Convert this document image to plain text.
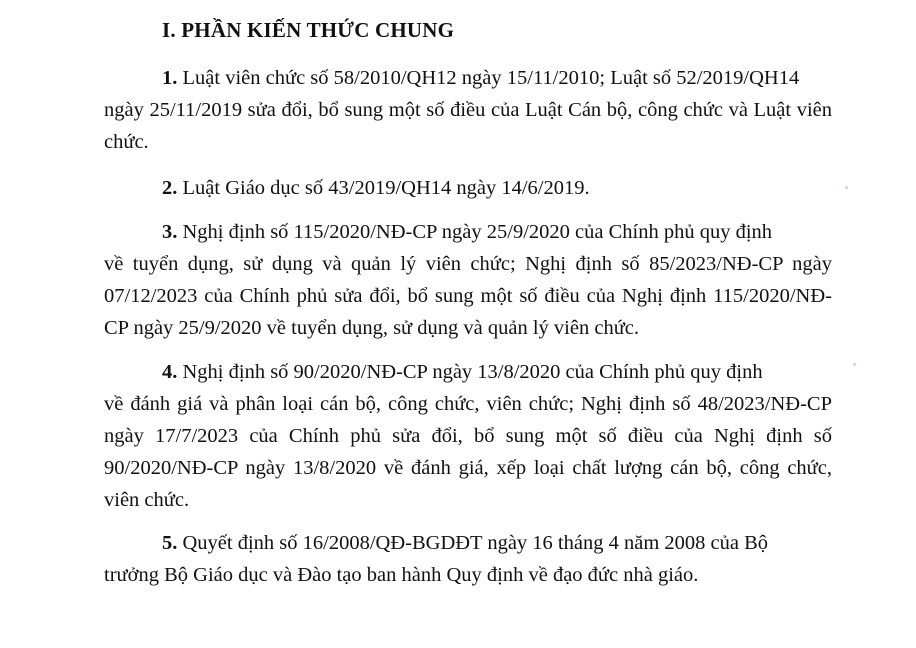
I. PHẦN KIẾN THỨC CHUNG
1. Luật viên chức số 58/2010/QH12 ngày 15/11/2010; Luật số 52/2019/QH14
ngày 25/11/2019 sửa đổi, bổ sung một số điều của Luật Cán bộ, công chức và Luật viên chức.
2. Luật Giáo dục số 43/2019/QH14 ngày 14/6/2019.
3. Nghị định số 115/2020/NĐ-CP ngày 25/9/2020 của Chính phủ quy định
về tuyển dụng, sử dụng và quản lý viên chức; Nghị định số 85/2023/NĐ-CP ngày 07/12/2023 của Chính phủ sửa đổi, bổ sung một số điều của Nghị định 115/2020/NĐ-CP ngày 25/9/2020 về tuyển dụng, sử dụng và quản lý viên chức.
4. Nghị định số 90/2020/NĐ-CP ngày 13/8/2020 của Chính phủ quy định
về đánh giá và phân loại cán bộ, công chức, viên chức; Nghị định số 48/2023/NĐ-CP ngày 17/7/2023 của Chính phủ sửa đổi, bổ sung một số điều của Nghị định số 90/2020/NĐ-CP ngày 13/8/2020 về đánh giá, xếp loại chất lượng cán bộ, công chức, viên chức.
5. Quyết định số 16/2008/QĐ-BGDĐT ngày 16 tháng 4 năm 2008 của Bộ
trưởng Bộ Giáo dục và Đào tạo ban hành Quy định về đạo đức nhà giáo.
